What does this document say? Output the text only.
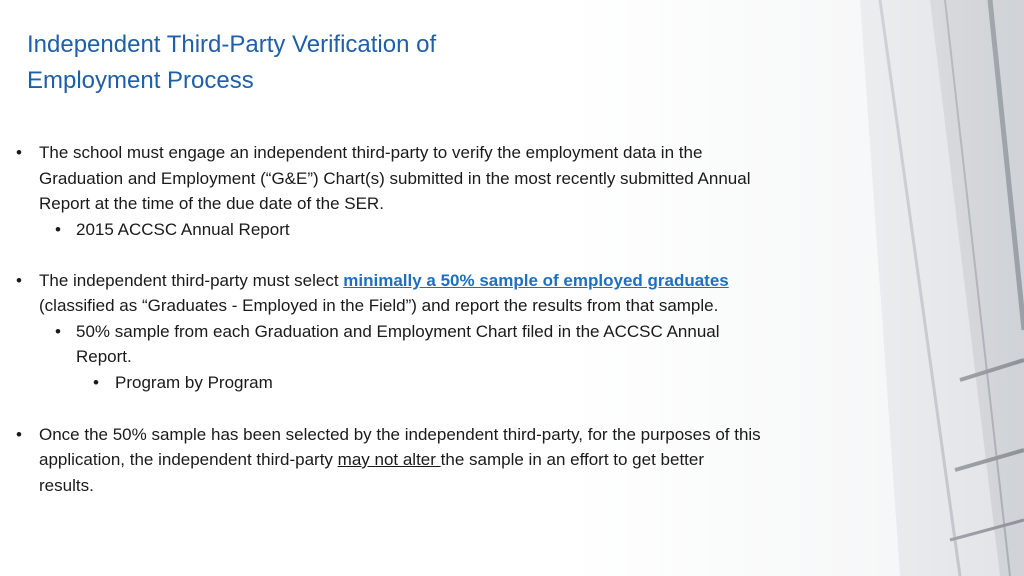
Independent Third-Party Verification of
Employment Process
• The school must engage an independent third-party to verify the employment data in the
Graduation and Employment (“G&E”) Chart(s) submitted in the most recently submitted Annual
Report at the time of the due date of the SER.
• 2015 ACCSC Annual Report
• The independent third-party must select minimally a 50% sample of employed graduates
(classified as “Graduates - Employed in the Field”) and report the results from that sample.
• 50% sample from each Graduation and Employment Chart filed in the ACCSC Annual
Report.
• Program by Program
• Once the 50% sample has been selected by the independent third-party, for the purposes of this
application, the independent third-party may not alter the sample in an effort to get better
results.
